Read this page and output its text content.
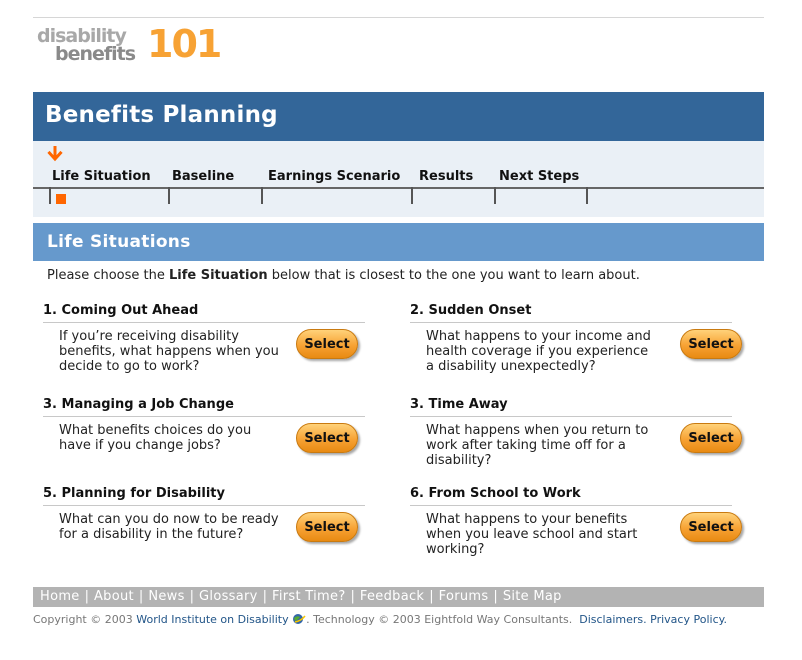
disability
benefits 101
Benefits Planning
Life Situation Baseline	Earnings Scenario Results Next Steps
Life Situations

Please choose the Life Situation below that is closest to the one you want to learn about.

1. Coming Out Ahead
If you’re receiving disability benefits, what happens when you decide to go to work?
Select
2. Sudden Onset
What happens to your income and health coverage if you experience a disability unexpectedly?
Select
3. Managing a Job Change
What benefits choices do you have if you change jobs?	Select
3. Time Away
What happens when you return to work after taking time off for a disability?
Select
5. Planning for Disability
What can you do now to be ready for a disability in the future?	Select
6. From School to Work
What happens to your benefits when you leave school and start working?
Select
Home | About | News | Glossary | First Time? | Feedback | Forums | Site Map

Copyright © 2003 World Institute on Disability . Technology © 2003 Eightfold Way Consultants. Disclaimers. Privacy Policy.
